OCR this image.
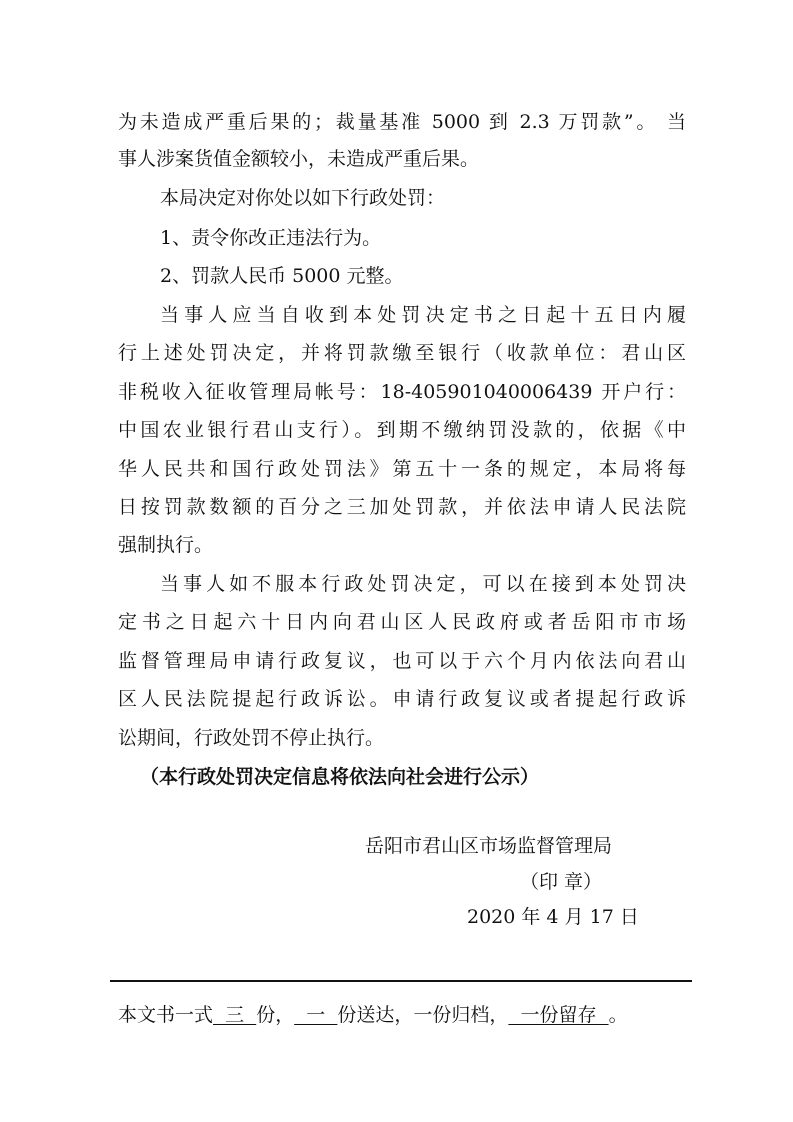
为未造成严重后果的；裁量基准 5000 到 2.3 万罚款”。 当
事人涉案货值金额较小，未造成严重后果。
本局决定对你处以如下行政处罚：
1、责令你改正违法行为。
2、罚款人民币 5000 元整。
当事人应当自收到本处罚决定书之日起十五日内履
行上述处罚决定，并将罚款缴至银行（收款单位：君山区
非税收入征收管理局帐号：18-405901040006439 开户行：
中国农业银行君山支行）。到期不缴纳罚没款的，依据《中
华人民共和国行政处罚法》第五十一条的规定，本局将每
日按罚款数额的百分之三加处罚款，并依法申请人民法院
强制执行。
当事人如不服本行政处罚决定，可以在接到本处罚决
定书之日起六十日内向君山区人民政府或者岳阳市市场
监督管理局申请行政复议，也可以于六个月内依法向君山
区人民法院提起行政诉讼。申请行政复议或者提起行政诉
讼期间，行政处罚不停止执行。
（本行政处罚决定信息将依法向社会进行公示）
岳阳市君山区市场监督管理局
（印 章）
2020 年 4 月 17 日
本文书一式  三  份，  一  份送达，一份归档，  一份留存  。
